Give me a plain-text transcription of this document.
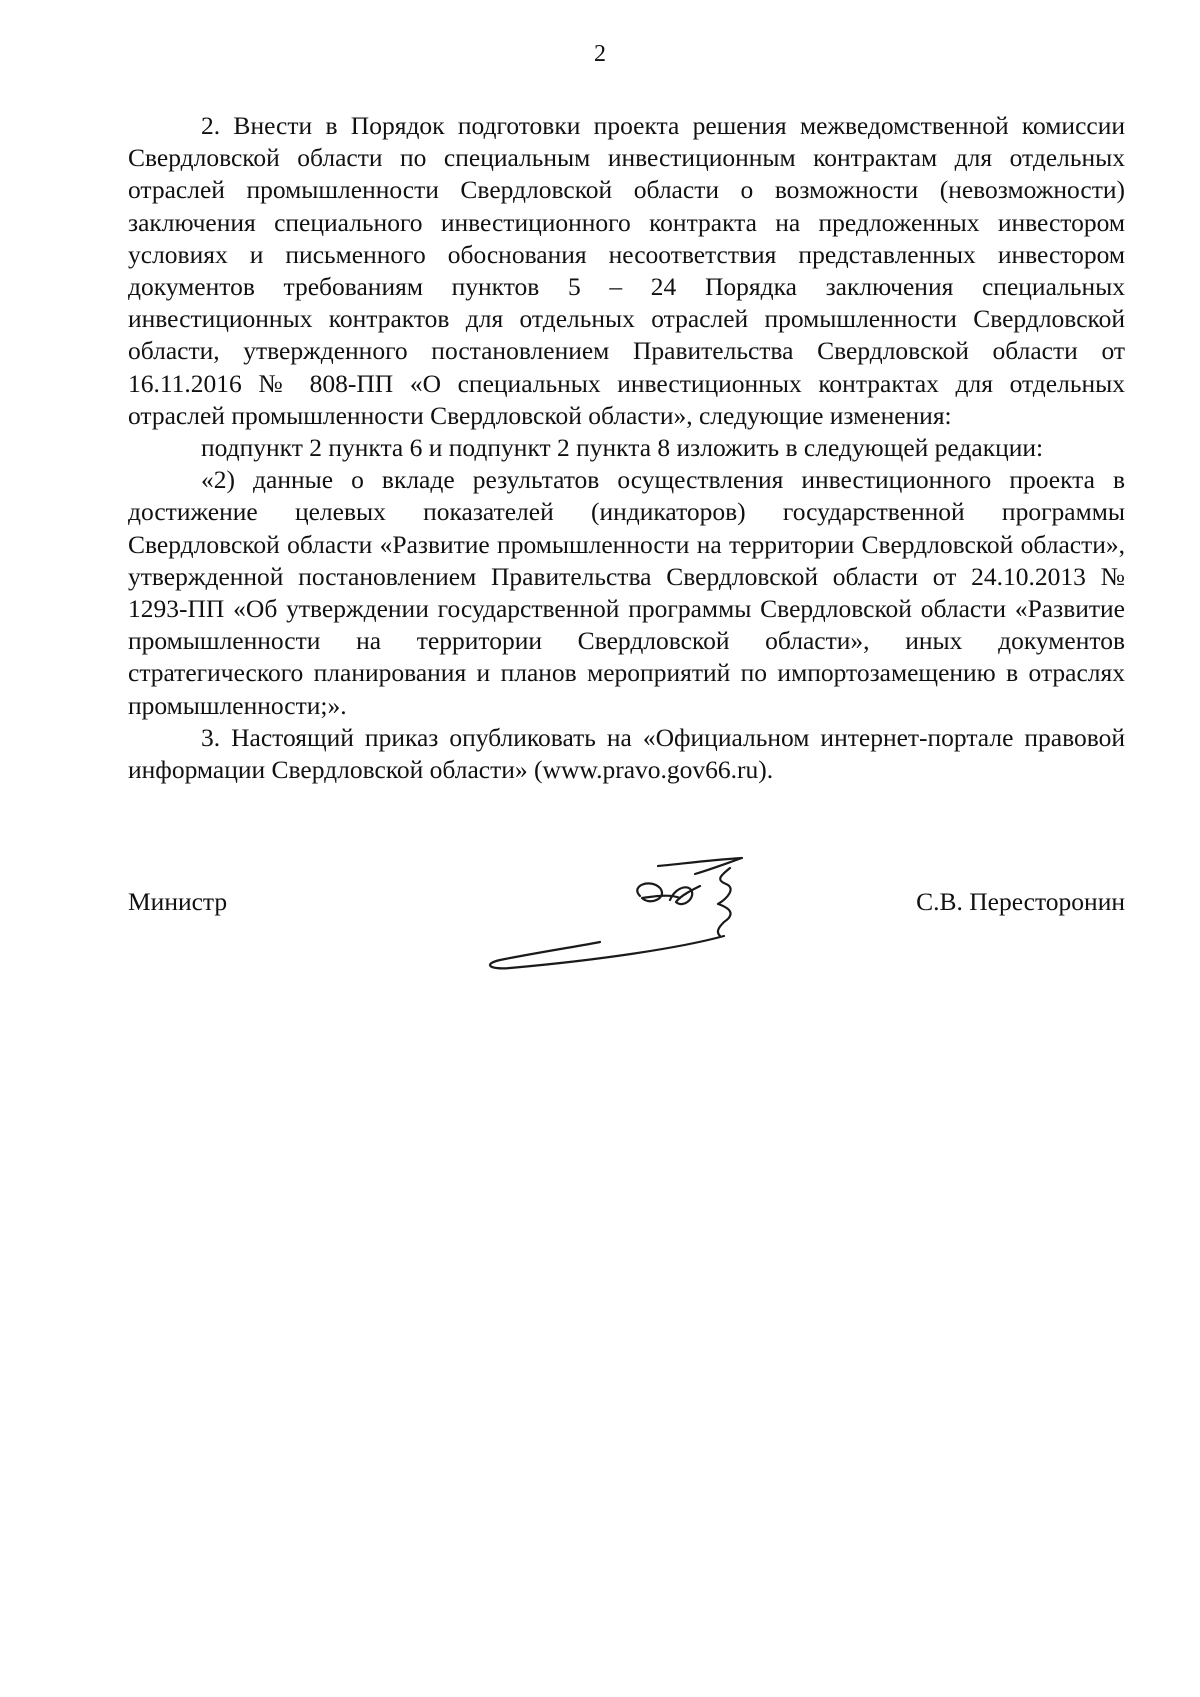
2

2. Внести в Порядок подготовки проекта решения межведомственной комиссии Свердловской области по специальным инвестиционным контрактам для отдельных отраслей промышленности Свердловской области о возможности (невозможности) заключения специального инвестиционного контракта на предложенных инвестором условиях и письменного обоснования несоответствия представленных инвестором документов требованиям пунктов 5 – 24 Порядка заключения специальных инвестиционных контрактов для отдельных отраслей промышленности Свердловской области, утвержденного постановлением Правительства Свердловской области от 16.11.2016 № 808-ПП «О специальных инвестиционных контрактах для отдельных отраслей промышленности Свердловской области», следующие изменения:

подпункт 2 пункта 6 и подпункт 2 пункта 8 изложить в следующей редакции:

«2) данные о вкладе результатов осуществления инвестиционного проекта в достижение целевых показателей (индикаторов) государственной программы Свердловской области «Развитие промышленности на территории Свердловской области», утвержденной постановлением Правительства Свердловской области от 24.10.2013 № 1293-ПП «Об утверждении государственной программы Свердловской области «Развитие промышленности на территории Свердловской области», иных документов стратегического планирования и планов мероприятий по импортозамещению в отраслях промышленности;».

3. Настоящий приказ опубликовать на «Официальном интернет-портале правовой информации Свердловской области» (www.pravo.gov66.ru).

Министр	С.В. Пересторонин
